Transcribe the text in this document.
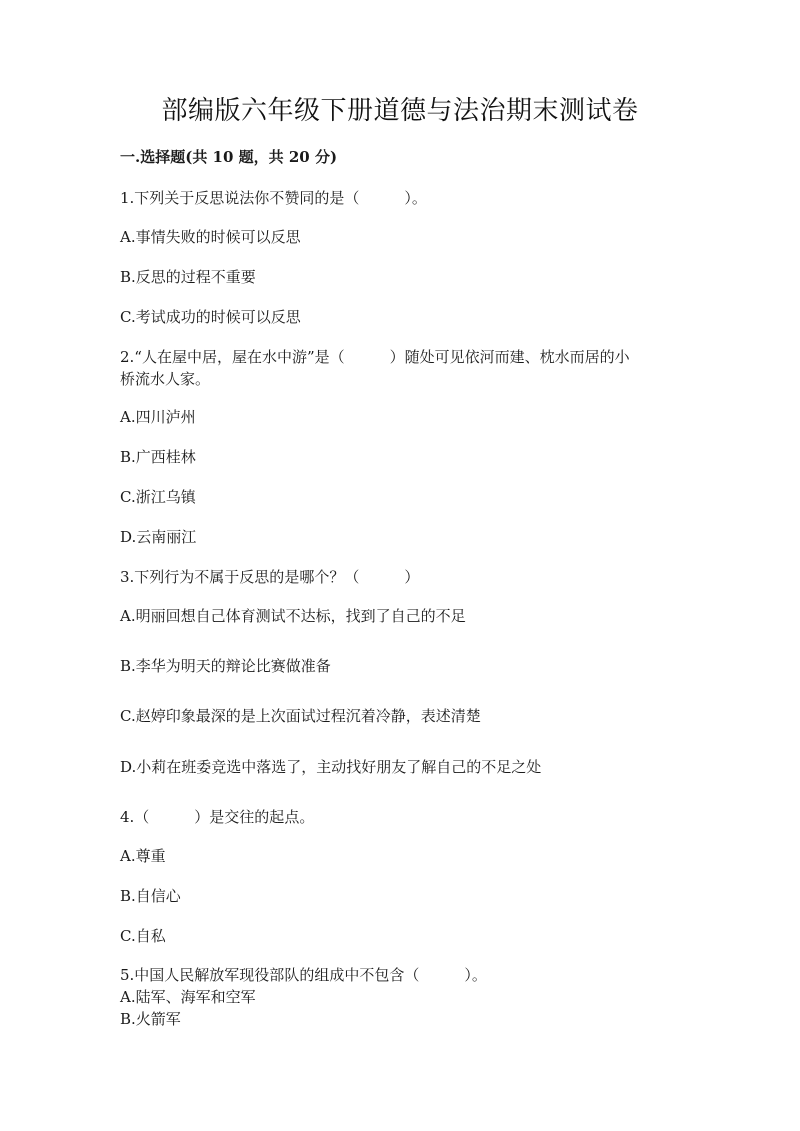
部编版六年级下册道德与法治期末测试卷
一.选择题(共 10 题，共 20 分)
1.下列关于反思说法你不赞同的是（　　　）。
A.事情失败的时候可以反思
B.反思的过程不重要
C.考试成功的时候可以反思
2.“人在屋中居，屋在水中游”是（　　　）随处可见依河而建、枕水而居的小
桥流水人家。
A.四川泸州
B.广西桂林
C.浙江乌镇
D.云南丽江
3.下列行为不属于反思的是哪个？（　　　）
A.明丽回想自己体育测试不达标，找到了自己的不足
B.李华为明天的辩论比赛做准备
C.赵婷印象最深的是上次面试过程沉着冷静，表述清楚
D.小莉在班委竞选中落选了，主动找好朋友了解自己的不足之处
4.（　　　）是交往的起点。
A.尊重
B.自信心
C.自私
5.中国人民解放军现役部队的组成中不包含（　　　）。
A.陆军、海军和空军
B.火箭军
